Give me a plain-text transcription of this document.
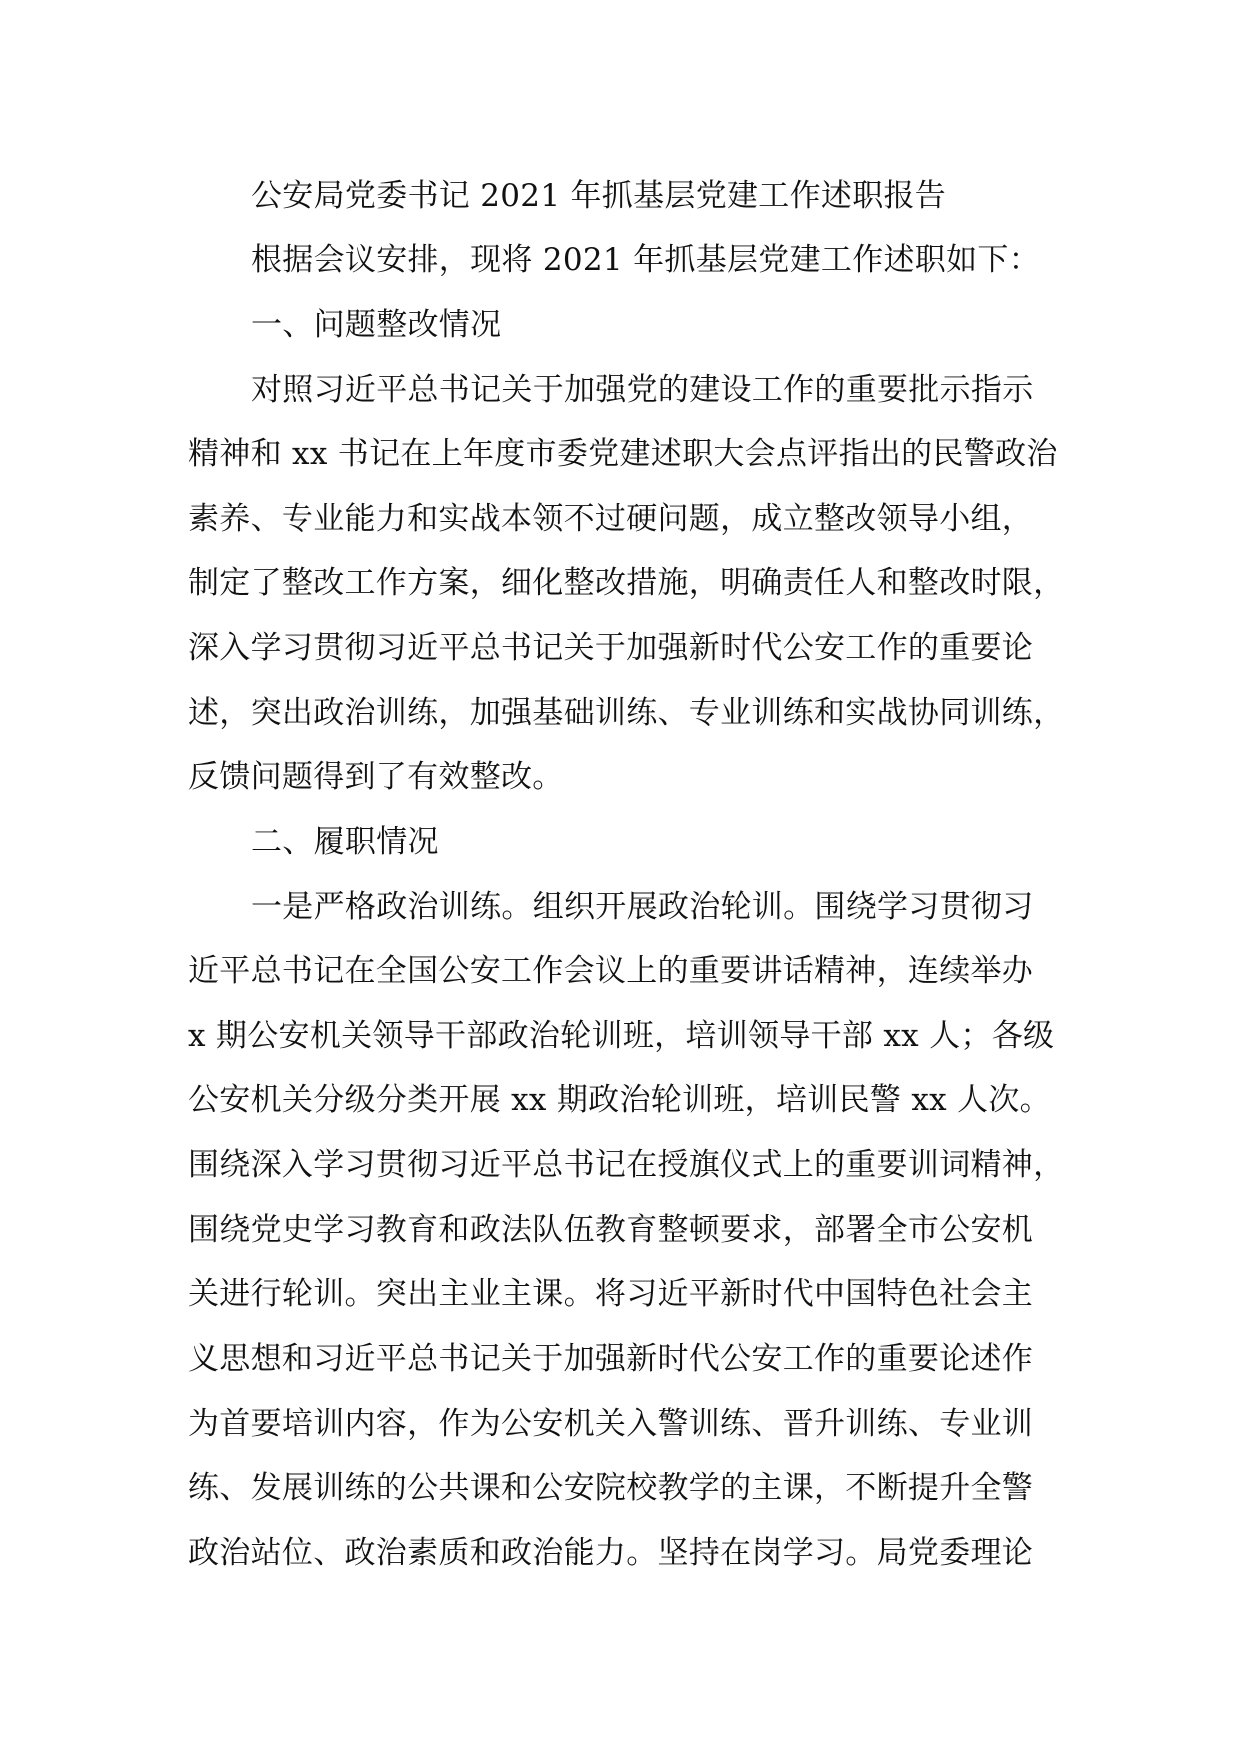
公安局党委书记 2021 年抓基层党建工作述职报告
根据会议安排，现将 2021 年抓基层党建工作述职如下：
一、问题整改情况
对照习近平总书记关于加强党的建设工作的重要批示指示
精神和 xx 书记在上年度市委党建述职大会点评指出的民警政治
素养、专业能力和实战本领不过硬问题，成立整改领导小组，
制定了整改工作方案，细化整改措施，明确责任人和整改时限，
深入学习贯彻习近平总书记关于加强新时代公安工作的重要论
述，突出政治训练，加强基础训练、专业训练和实战协同训练，
反馈问题得到了有效整改。
二、履职情况
一是严格政治训练。组织开展政治轮训。围绕学习贯彻习
近平总书记在全国公安工作会议上的重要讲话精神，连续举办
x 期公安机关领导干部政治轮训班，培训领导干部 xx 人；各级
公安机关分级分类开展 xx 期政治轮训班，培训民警 xx 人次。
围绕深入学习贯彻习近平总书记在授旗仪式上的重要训词精神，
围绕党史学习教育和政法队伍教育整顿要求，部署全市公安机
关进行轮训。突出主业主课。将习近平新时代中国特色社会主
义思想和习近平总书记关于加强新时代公安工作的重要论述作
为首要培训内容，作为公安机关入警训练、晋升训练、专业训
练、发展训练的公共课和公安院校教学的主课，不断提升全警
政治站位、政治素质和政治能力。坚持在岗学习。局党委理论
